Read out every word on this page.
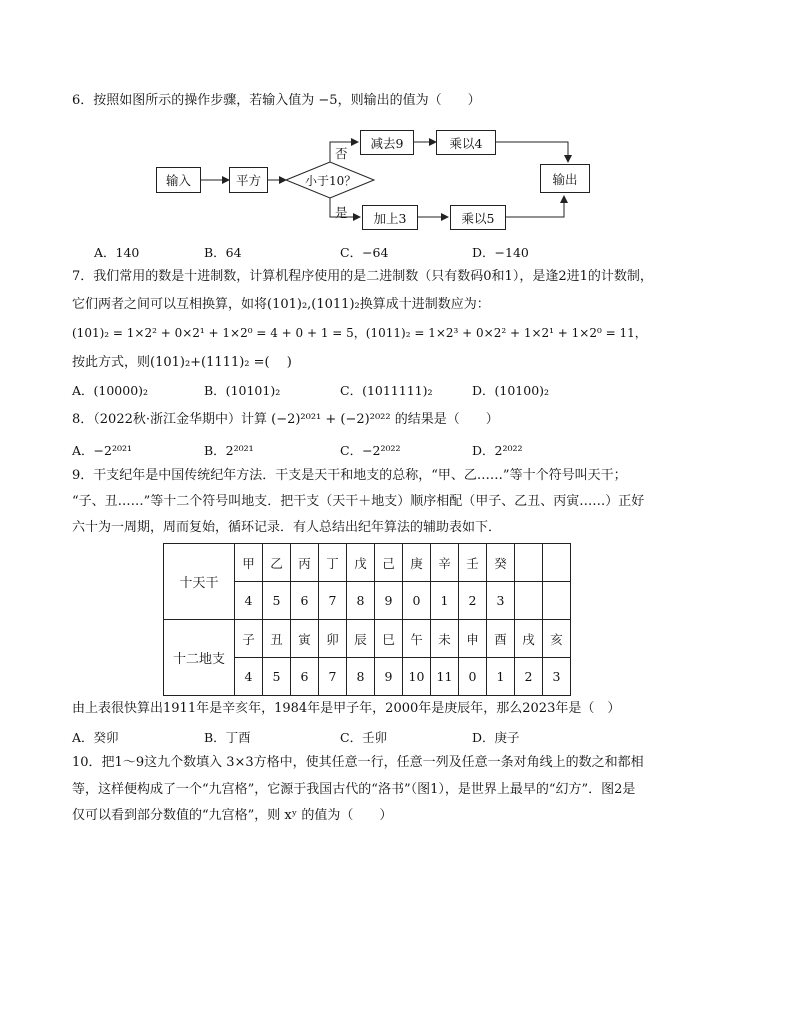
6．按照如图所示的操作步骤，若输入值为 −5，则输出的值为（　　）
输入	平方	小于10？
否
是
减去9	乘以4
加上3	乘以5
输出
A．140	B．64	C．−64	D．−140
7．我们常用的数是十进制数，计算机程序使用的是二进制数（只有数码0和1），是逢2进1的计数制，
它们两者之间可以互相换算，如将(101)₂,(1011)₂换算成十进制数应为：
(101)₂ = 1×2² + 0×2¹ + 1×2⁰ = 4 + 0 + 1 = 5，(1011)₂ = 1×2³ + 0×2² + 1×2¹ + 1×2⁰ = 11，
按此方式，则(101)₂+(1111)₂ =(　 )
A．(10000)₂	B．(10101)₂	C．(1011111)₂	D．(10100)₂
8．（2022秋·浙江金华期中）计算 (−2)²⁰²¹ + (−2)²⁰²² 的结果是（　　）
A．−2²⁰²¹	B．2²⁰²¹	C．−2²⁰²²	D．2²⁰²²
9．干支纪年是中国传统纪年方法．干支是天干和地支的总称，“甲、乙……”等十个符号叫天干；
“子、丑……”等十二个符号叫地支．把干支（天干＋地支）顺序相配（甲子、乙丑、丙寅……）正好
六十为一周期，周而复始，循环记录．有人总结出纪年算法的辅助表如下．
十天干	甲	乙	丙	丁	戊	己	庚	辛	壬	癸		
	4	5	6	7	8	9	0	1	2	3		
十二地支	子	丑	寅	卯	辰	巳	午	未	申	酉	戌	亥
	4	5	6	7	8	9	10	11	0	1	2	3
由上表很快算出1911年是辛亥年，1984年是甲子年，2000年是庚辰年，那么2023年是（　）
A．癸卯	B．丁酉	C．壬卯	D．庚子
10．把1～9这九个数填入 3×3方格中，使其任意一行，任意一列及任意一条对角线上的数之和都相
等，这样便构成了一个“九宫格”，它源于我国古代的“洛书”（图1），是世界上最早的“幻方”．图2是
仅可以看到部分数值的“九宫格”，则 xʸ 的值为（　　）
